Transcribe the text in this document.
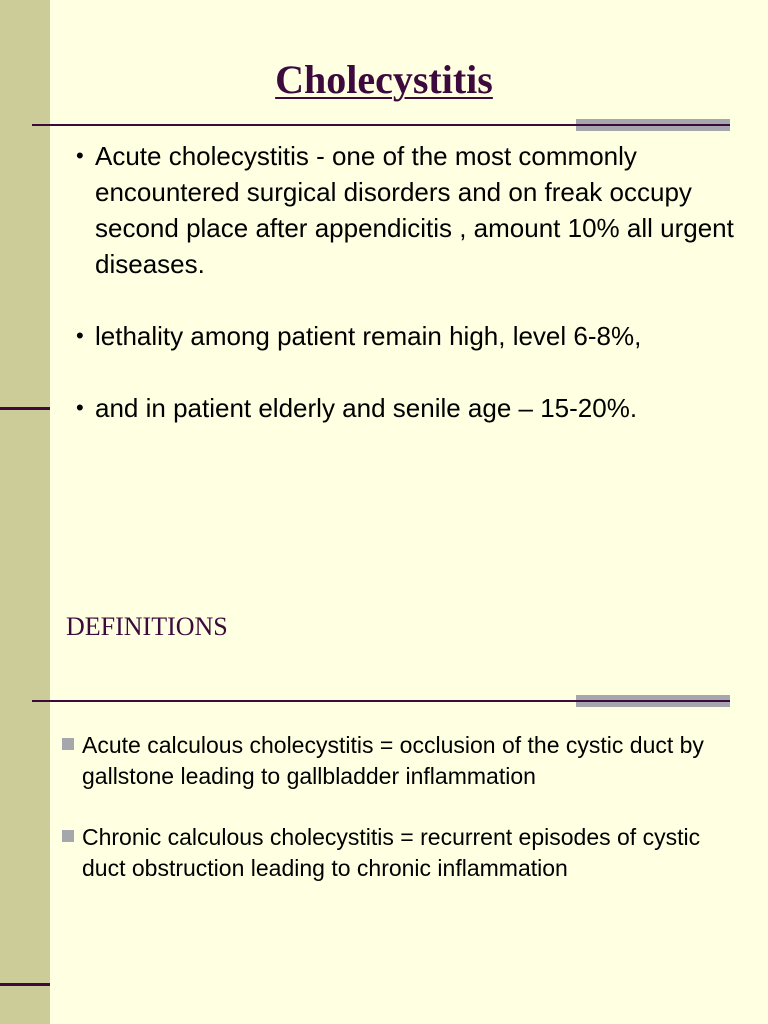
Cholecystitis
• Acute cholecystitis - one of the most commonly encountered surgical disorders and on freak occupy second place after appendicitis , amount 10% all urgent diseases.
• lethality among patient remain high, level 6-8%,
• and in patient elderly and senile age – 15-20%.
DEFINITIONS
Acute calculous cholecystitis = occlusion of the cystic duct by gallstone leading to gallbladder inflammation
Chronic calculous cholecystitis = recurrent episodes of cystic duct obstruction leading to chronic inflammation
